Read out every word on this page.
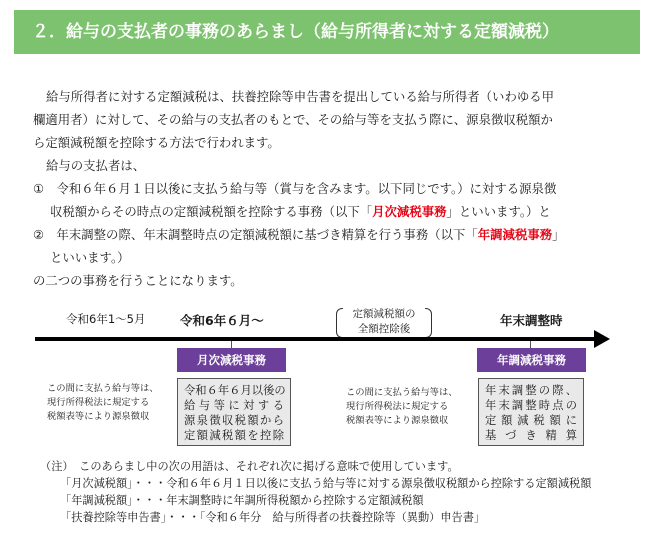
２．給与の支払者の事務のあらまし（給与所得者に対する定額減税）
給与所得者に対する定額減税は、扶養控除等申告書を提出している給与所得者（いわゆる甲
欄適用者）に対して、その給与の支払者のもとで、その給与等を支払う際に、源泉徴収税額か
ら定額減税額を控除する方法で行われます。
給与の支払者は、
①　令和６年６月１日以後に支払う給与等（賞与を含みます。以下同じです。）に対する源泉徴
収税額からその時点の定額減税額を控除する事務（以下「月次減税事務」といいます。）と
②　年末調整の際、年末調整時点の定額減税額に基づき精算を行う事務（以下「年調減税事務」
といいます。）
の二つの事務を行うことになります。
令和6年1～5月	令和6年６月～	定額減税額の
全額控除後
年末調整時
月次減税事務	年調減税事務
この間に支払う給与等は、
現行所得税法に規定する
税額表等により源泉徴収
令和６年６月以後の
給与等に対する
源泉徴収税額から
定額減税額を控除
この間に支払う給与等は、
現行所得税法に規定する
税額表等により源泉徴収
年末調整の際、
年末調整時点の
定額減税額に
基づき精算
（注）　このあらまし中の次の用語は、それぞれ次に掲げる意味で使用しています。
「月次減税額」・・・令和６年６月１日以後に支払う給与等に対する源泉徴収税額から控除する定額減税額
「年調減税額」・・・年末調整時に年調所得税額から控除する定額減税額
「扶養控除等申告書」・・・「令和６年分　給与所得者の扶養控除等（異動）申告書」
